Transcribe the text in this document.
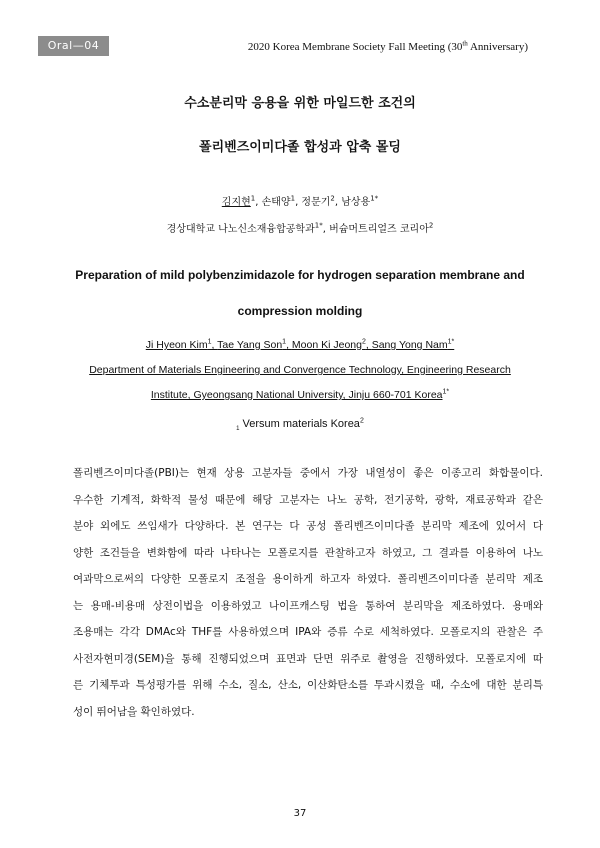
Oral—04	2020 Korea Membrane Society Fall Meeting (30th Anniversary)
수소분리막 응용을 위한 마일드한 조건의
폴리벤즈이미다졸 합성과 압축 몰딩
김지현$^1$, 손태양$^1$, 정문기$^2$, 남상용$^{1*}$
경상대학교 나노신소재융합공학과$^{1*}$, 버슘머트리얼즈 코리아$^2$
Preparation of mild polybenzimidazole for hydrogen separation membrane and
compression molding
Ji Hyeon Kim$^1$, Tae Yang Son$^1$, Moon Ki Jeong$^2$, Sang Yong Nam$^{1*}$
Department of Materials Engineering and Convergence Technology, Engineering Research
Institute, Gyeongsang National University, Jinju 660-701 Korea$^{1*}$
$_1$ Versum materials Korea$^2$
폴리벤즈이미다졸(PBI)는 현재 상용 고분자들 중에서 가장 내열성이 좋은 이종고리 화합물이다.
우수한 기계적, 화학적 물성 때문에 해당 고분자는 나노 공학, 전기공학, 광학, 재료공학과 같은
분야 외에도 쓰임새가 다양하다. 본 연구는 다 공성 폴리벤즈이미다졸 분리막 제조에 있어서 다
양한 조건들을 변화함에 따라 나타나는 모폴로지를 관찰하고자 하였고, 그 결과를 이용하여 나노
여과막으로써의 다양한 모폴로지 조절을 용이하게 하고자 하였다. 폴리벤즈이미다졸 분리막 제조
는 용매-비용매 상전이법을 이용하였고 나이프캐스팅 법을 통하여 분리막을 제조하였다. 용매와
조용매는 각각 DMAc와 THF를 사용하였으며 IPA와 증류 수로 세척하였다. 모폴로지의 관찰은 주
사전자현미경(SEM)을 통해 진행되었으며 표면과 단면 위주로 촬영을 진행하였다. 모폴로지에 따
른 기체투과 특성평가를 위해 수소, 질소, 산소, 이산화탄소를 투과시켰을 때, 수소에 대한 분리특
성이 뛰어남을 확인하였다.
37
